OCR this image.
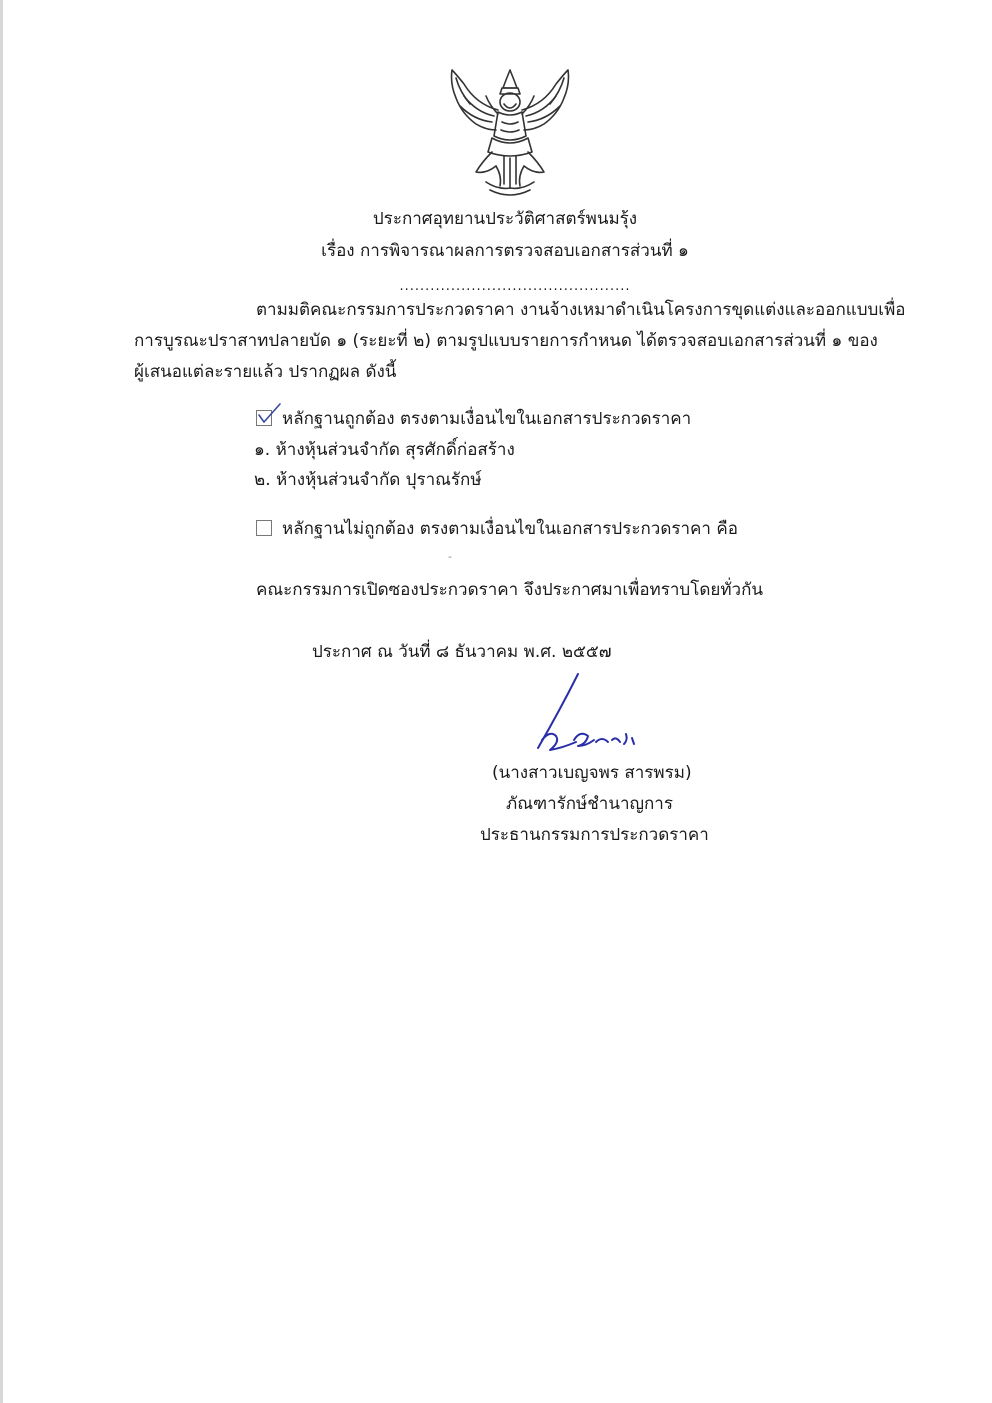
ประกาศอุทยานประวัติศาสตร์พนมรุ้ง
เรื่อง การพิจารณาผลการตรวจสอบเอกสารส่วนที่ ๑
.............................................
ตามมติคณะกรรมการประกวดราคา งานจ้างเหมาดำเนินโครงการขุดแต่งและออกแบบเพื่อ
การบูรณะปราสาทปลายบัด ๑ (ระยะที่ ๒) ตามรูปแบบรายการกำหนด ได้ตรวจสอบเอกสารส่วนที่ ๑ ของ
ผู้เสนอแต่ละรายแล้ว ปรากฏผล ดังนี้
หลักฐานถูกต้อง ตรงตามเงื่อนไขในเอกสารประกวดราคา
๑. ห้างหุ้นส่วนจำกัด สุรศักดิ์ก่อสร้าง
๒. ห้างหุ้นส่วนจำกัด ปุราณรักษ์
หลักฐานไม่ถูกต้อง ตรงตามเงื่อนไขในเอกสารประกวดราคา คือ
-
คณะกรรมการเปิดซองประกวดราคา จึงประกาศมาเพื่อทราบโดยทั่วกัน
ประกาศ ณ วันที่ ๘ ธันวาคม พ.ศ. ๒๕๕๗
(นางสาวเบญจพร สารพรม)
ภัณฑารักษ์ชำนาญการ
ประธานกรรมการประกวดราคา
